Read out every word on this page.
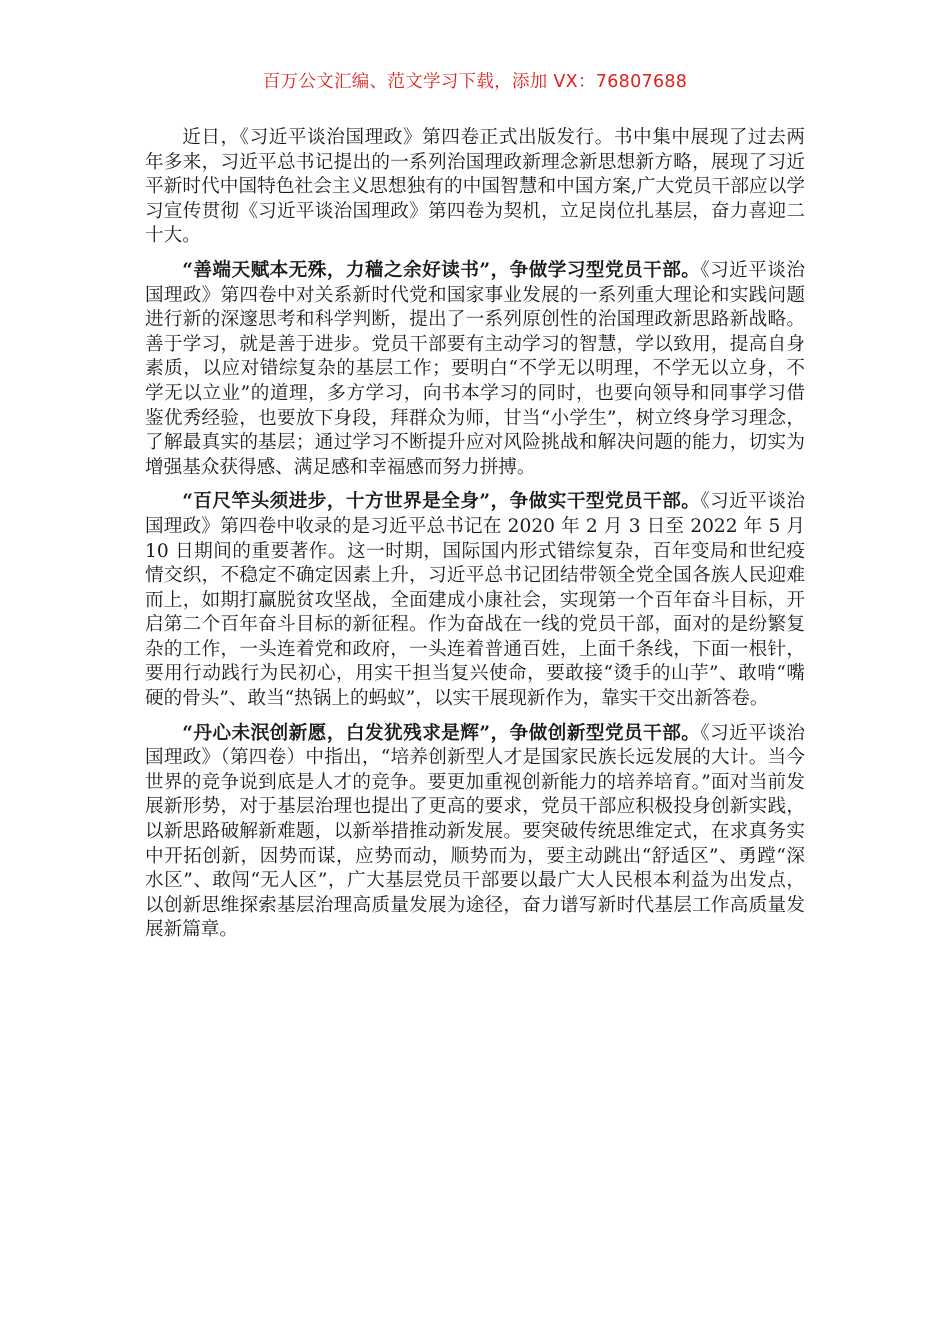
百万公文汇编、范文学习下载，添加 VX：76807688

近日，《习近平谈治国理政》第四卷正式出版发行。书中集中展现了过去两年多来，习近平总书记提出的一系列治国理政新理念新思想新方略，展现了习近平新时代中国特色社会主义思想独有的中国智慧和中国方案,广大党员干部应以学习宣传贯彻《习近平谈治国理政》第四卷为契机，立足岗位扎基层，奋力喜迎二十大。

“善端天赋本无殊，力穑之余好读书”，争做学习型党员干部。《习近平谈治国理政》第四卷中对关系新时代党和国家事业发展的一系列重大理论和实践问题进行新的深邃思考和科学判断，提出了一系列原创性的治国理政新思路新战略。善于学习，就是善于进步。党员干部要有主动学习的智慧，学以致用，提高自身素质，以应对错综复杂的基层工作；要明白“不学无以明理，不学无以立身，不学无以立业”的道理，多方学习，向书本学习的同时，也要向领导和同事学习借鉴优秀经验，也要放下身段，拜群众为师，甘当“小学生”，树立终身学习理念，了解最真实的基层；通过学习不断提升应对风险挑战和解决问题的能力，切实为增强基众获得感、满足感和幸福感而努力拼搏。

“百尺竿头须进步，十方世界是全身”，争做实干型党员干部。《习近平谈治国理政》第四卷中收录的是习近平总书记在 2020 年 2 月 3 日至 2022 年 5 月 10 日期间的重要著作。这一时期，国际国内形式错综复杂，百年变局和世纪疫情交织，不稳定不确定因素上升，习近平总书记团结带领全党全国各族人民迎难而上，如期打赢脱贫攻坚战，全面建成小康社会，实现第一个百年奋斗目标，开启第二个百年奋斗目标的新征程。作为奋战在一线的党员干部，面对的是纷繁复杂的工作，一头连着党和政府，一头连着普通百姓，上面千条线，下面一根针，要用行动践行为民初心，用实干担当复兴使命，要敢接“烫手的山芋”、敢啃“嘴硬的骨头”、敢当“热锅上的蚂蚁”，以实干展现新作为，靠实干交出新答卷。

“丹心未泯创新愿，白发犹残求是辉”，争做创新型党员干部。《习近平谈治国理政》（第四卷）中指出，“培养创新型人才是国家民族长远发展的大计。当今世界的竞争说到底是人才的竞争。要更加重视创新能力的培养培育。”面对当前发展新形势，对于基层治理也提出了更高的要求，党员干部应积极投身创新实践，以新思路破解新难题，以新举措推动新发展。要突破传统思维定式，在求真务实中开拓创新，因势而谋，应势而动，顺势而为，要主动跳出“舒适区”、勇蹚“深水区”、敢闯“无人区”，广大基层党员干部要以最广大人民根本利益为出发点，以创新思维探索基层治理高质量发展为途径，奋力谱写新时代基层工作高质量发展新篇章。
